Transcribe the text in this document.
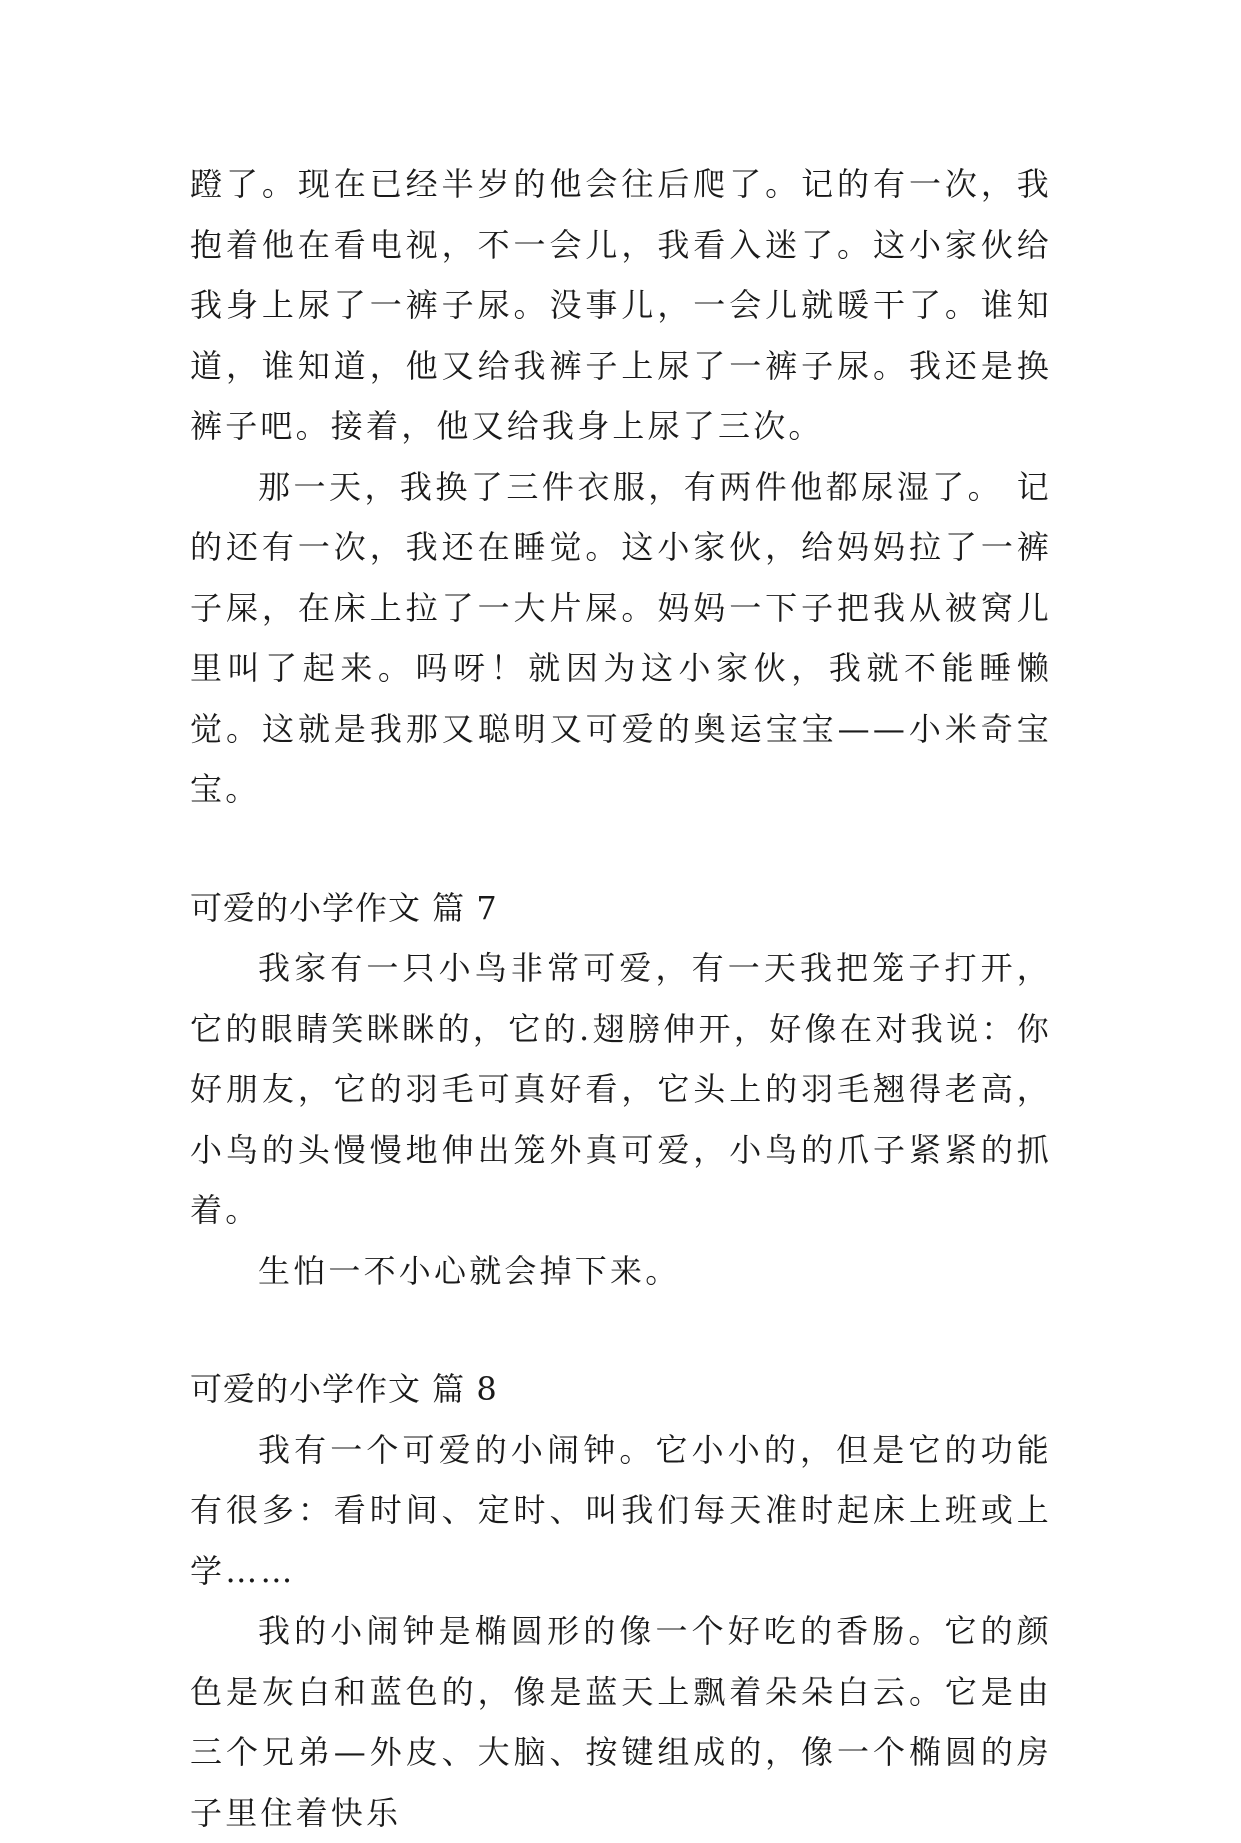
蹬了。现在已经半岁的他会往后爬了。记的有一次，我抱着他在看电视，不一会儿，我看入迷了。这小家伙给我身上尿了一裤子尿。没事儿，一会儿就暖干了。谁知道，谁知道，他又给我裤子上尿了一裤子尿。我还是换裤子吧。接着，他又给我身上尿了三次。

那一天，我换了三件衣服，有两件他都尿湿了。 记的还有一次，我还在睡觉。这小家伙，给妈妈拉了一裤子屎，在床上拉了一大片屎。妈妈一下子把我从被窝儿里叫了起来。吗呀！就因为这小家伙，我就不能睡懒觉。这就是我那又聪明又可爱的奥运宝宝——小米奇宝宝。

可爱的小学作文 篇 7

我家有一只小鸟非常可爱，有一天我把笼子打开，它的眼睛笑眯眯的，它的.翅膀伸开，好像在对我说：你好朋友，它的羽毛可真好看，它头上的羽毛翘得老高，小鸟的头慢慢地伸出笼外真可爱，小鸟的爪子紧紧的抓着。

生怕一不小心就会掉下来。

可爱的小学作文 篇 8

我有一个可爱的小闹钟。它小小的，但是它的功能有很多：看时间、定时、叫我们每天准时起床上班或上学……

我的小闹钟是椭圆形的像一个好吃的香肠。它的颜色是灰白和蓝色的，像是蓝天上飘着朵朵白云。它是由三个兄弟—外皮、大脑、按键组成的，像一个椭圆的房子里住着快乐
